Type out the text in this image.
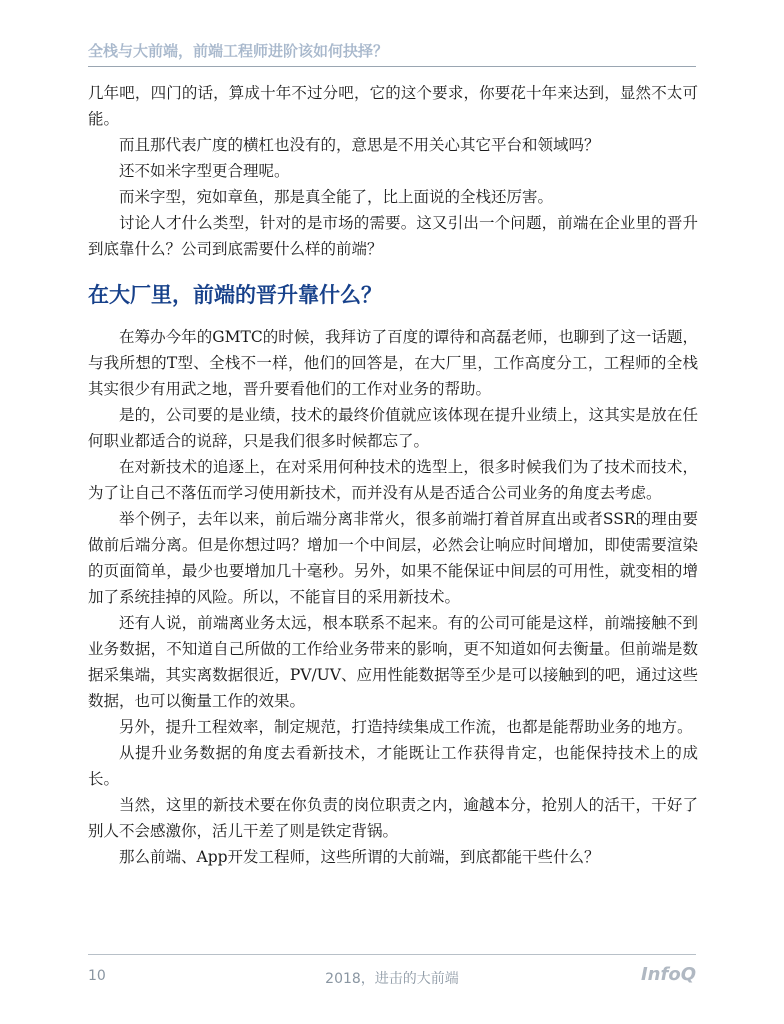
全栈与大前端，前端工程师进阶该如何抉择？

几年吧，四门的话，算成十年不过分吧，它的这个要求，你要花十年来达到，显然不太可能。

而且那代表广度的横杠也没有的，意思是不用关心其它平台和领域吗？

还不如米字型更合理呢。

而米字型，宛如章鱼，那是真全能了，比上面说的全栈还厉害。

讨论人才什么类型，针对的是市场的需要。这又引出一个问题，前端在企业里的晋升到底靠什么？公司到底需要什么样的前端？

在大厂里，前端的晋升靠什么？

在筹办今年的GMTC的时候，我拜访了百度的谭待和高磊老师，也聊到了这一话题，与我所想的T型、全栈不一样，他们的回答是，在大厂里，工作高度分工，工程师的全栈其实很少有用武之地，晋升要看他们的工作对业务的帮助。

是的，公司要的是业绩，技术的最终价值就应该体现在提升业绩上，这其实是放在任何职业都适合的说辞，只是我们很多时候都忘了。

在对新技术的追逐上，在对采用何种技术的选型上，很多时候我们为了技术而技术，为了让自己不落伍而学习使用新技术，而并没有从是否适合公司业务的角度去考虑。

举个例子，去年以来，前后端分离非常火，很多前端打着首屏直出或者SSR的理由要做前后端分离。但是你想过吗？增加一个中间层，必然会让响应时间增加，即使需要渲染的页面简单，最少也要增加几十毫秒。另外，如果不能保证中间层的可用性，就变相的增加了系统挂掉的风险。所以，不能盲目的采用新技术。

还有人说，前端离业务太远，根本联系不起来。有的公司可能是这样，前端接触不到业务数据，不知道自己所做的工作给业务带来的影响，更不知道如何去衡量。但前端是数据采集端，其实离数据很近，PV/UV、应用性能数据等至少是可以接触到的吧，通过这些数据，也可以衡量工作的效果。

另外，提升工程效率，制定规范，打造持续集成工作流，也都是能帮助业务的地方。

从提升业务数据的角度去看新技术，才能既让工作获得肯定，也能保持技术上的成长。

当然，这里的新技术要在你负责的岗位职责之内，逾越本分，抢别人的活干，干好了别人不会感激你，活儿干差了则是铁定背锅。

那么前端、App开发工程师，这些所谓的大前端，到底都能干些什么？

10	2018，进击的大前端	InfoQ
